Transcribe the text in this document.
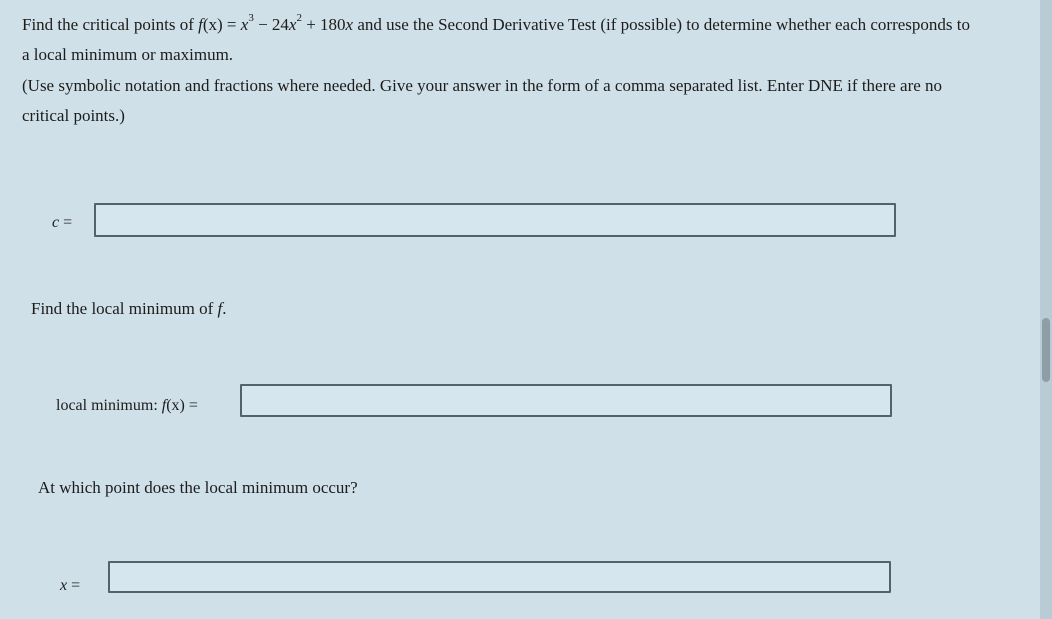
Find the critical points of $f(x) = x^3 - 24x^2 + 180x$ and use the Second Derivative Test (if possible) to determine whether each corresponds to a local minimum or maximum.

(Use symbolic notation and fractions where needed. Give your answer in the form of a comma separated list. Enter DNE if there are no critical points.)

c =
Find the local minimum of f.
local minimum: f(x) =
At which point does the local minimum occur?
x =
